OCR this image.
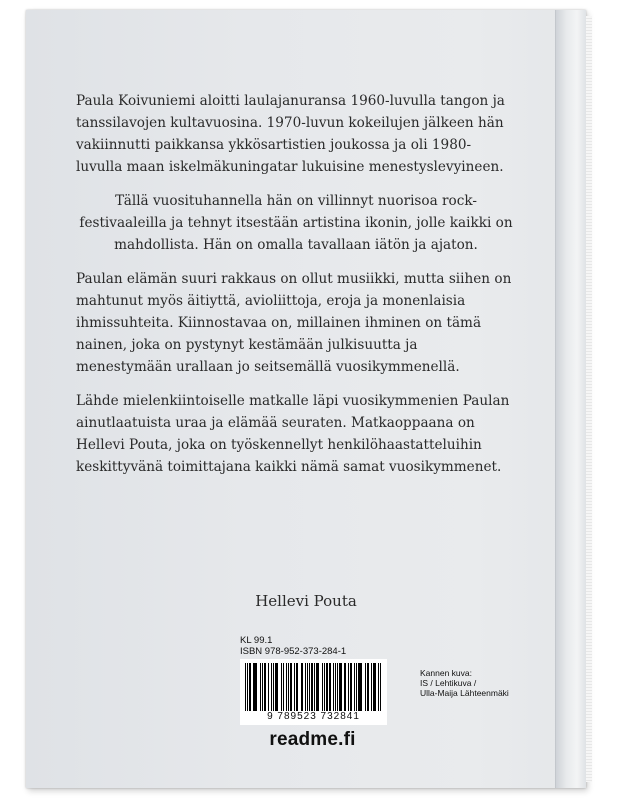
Paula Koivuniemi aloitti laulajanuransa 1960-luvulla tangon ja tanssilavojen kultavuosina. 1970-luvun kokeilujen jälkeen hän vakiinnutti paikkansa ykkösartistien joukossa ja oli 1980-luvulla maan iskelmäkuningatar lukuisine menestyslevyineen.

Tällä vuosituhannella hän on villinnyt nuorisoa rock-festivaaleilla ja tehnyt itsestään artistina ikonin, jolle kaikki on mahdollista. Hän on omalla tavallaan iätön ja ajaton.

Paulan elämän suuri rakkaus on ollut musiikki, mutta siihen on mahtunut myös äitiyttä, avioliittoja, eroja ja monenlaisia ihmissuhteita. Kiinnostavaa on, millainen ihminen on tämä nainen, joka on pystynyt kestämään julkisuutta ja menestymään urallaan jo seitsemällä vuosikymmenellä.

Lähde mielenkiintoiselle matkalle läpi vuosikymmenien Paulan ainutlaatuista uraa ja elämää seuraten. Matkaoppaana on Hellevi Pouta, joka on työskennellyt henkilöhaastatteluihin keskittyvänä toimittajana kaikki nämä samat vuosikymmenet.

Hellevi Pouta
KL 99.1
ISBN 978-952-373-284-1
9 789523 732841
readme.fi
Kannen kuva:
IS / Lehtikuva /
Ulla-Maija Lähteenmäki
